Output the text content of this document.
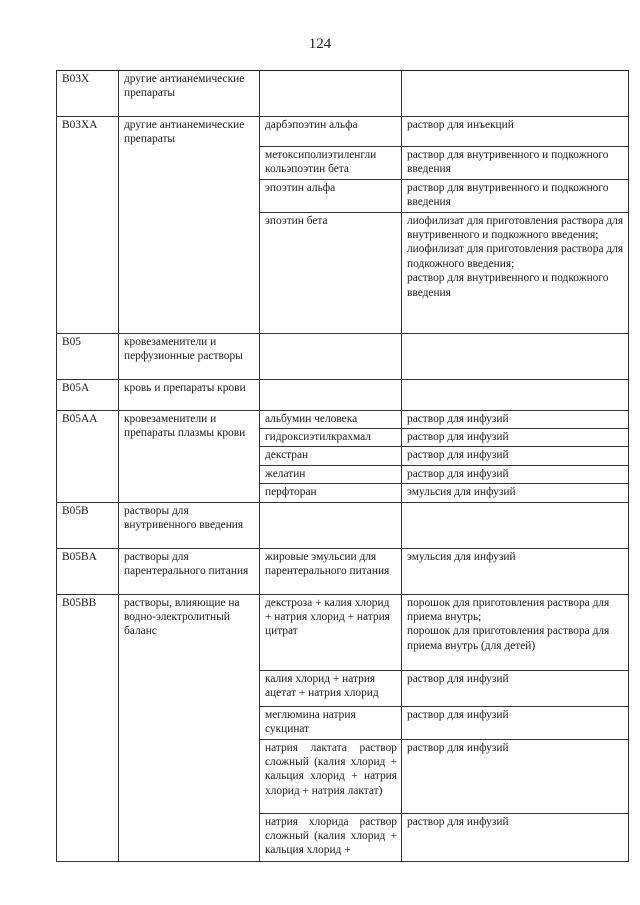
124
B03X	другие антианемические препараты		
B03XA	другие антианемические препараты	дарбэпоэтин альфа	раствор для инъекций
		метоксиполиэтиленгли кольэпоэтин бета	раствор для внутривенного и подкожного введения
		эпоэтин альфа	раствор для внутривенного и подкожного введения
		эпоэтин бета	лиофилизат для приготовления раствора для внутривенного и подкожного введения;
лиофилизат для приготовления раствора для подкожного введения;
раствор для внутривенного и подкожного введения

B05	кровезаменители и перфузионные растворы		
B05A	кровь и препараты крови		
B05AA	кровезаменители и препараты плазмы крови	альбумин человека	раствор для инфузий
		гидроксиэтилкрахмал	раствор для инфузий
		декстран	раствор для инфузий
		желатин	раствор для инфузий
		перфторан	эмульсия для инфузий
B05B	растворы для внутривенного введения		
B05BA	растворы для парентерального питания	жировые эмульсии для парентерального питания	эмульсия для инфузий
B05BB	растворы, влияющие на водно-электролитный баланс	декстроза + калия хлорид + натрия хлорид + натрия цитрат	порошок для приготовления раствора для приема внутрь;
порошок для приготовления раствора для приема внутрь (для детей)

		калия хлорид + натрия ацетат + натрия хлорид	раствор для инфузий
		меглюмина натрия сукцинат	раствор для инфузий
		натрия лактата раствор сложный (калия хлорид + кальция хлорид + натрия хлорид + натрия лактат)	раствор для инфузий
		натрия хлорида раствор сложный (калия хлорид + кальция хлорид +	раствор для инфузий
